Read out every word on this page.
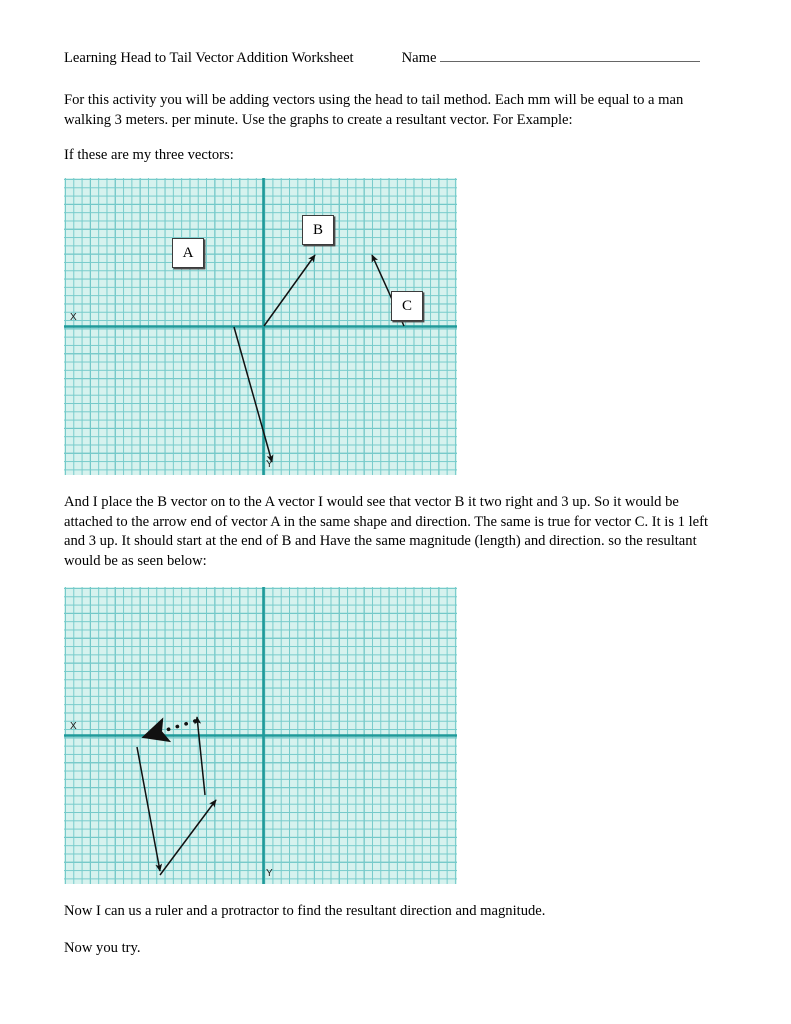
Learning Head to Tail Vector Addition Worksheet	Name

For this activity you will be adding vectors using the head to tail method. Each mm will be equal to a man walking 3 meters. per minute. Use the graphs to create a resultant vector. For Example:

If these are my three vectors:

X
Y
A
B
C

And I place the B vector on to the A vector I would see that vector B it two right and 3 up. So it would be attached to the arrow end of vector A in the same shape and direction. The same is true for vector C. It is 1 left and 3 up. It should start at the end of B and Have the same magnitude (length) and direction. so the resultant would be as seen below:

X
Y

Now I can us a ruler and a protractor to find the resultant direction and magnitude.

Now you try.
